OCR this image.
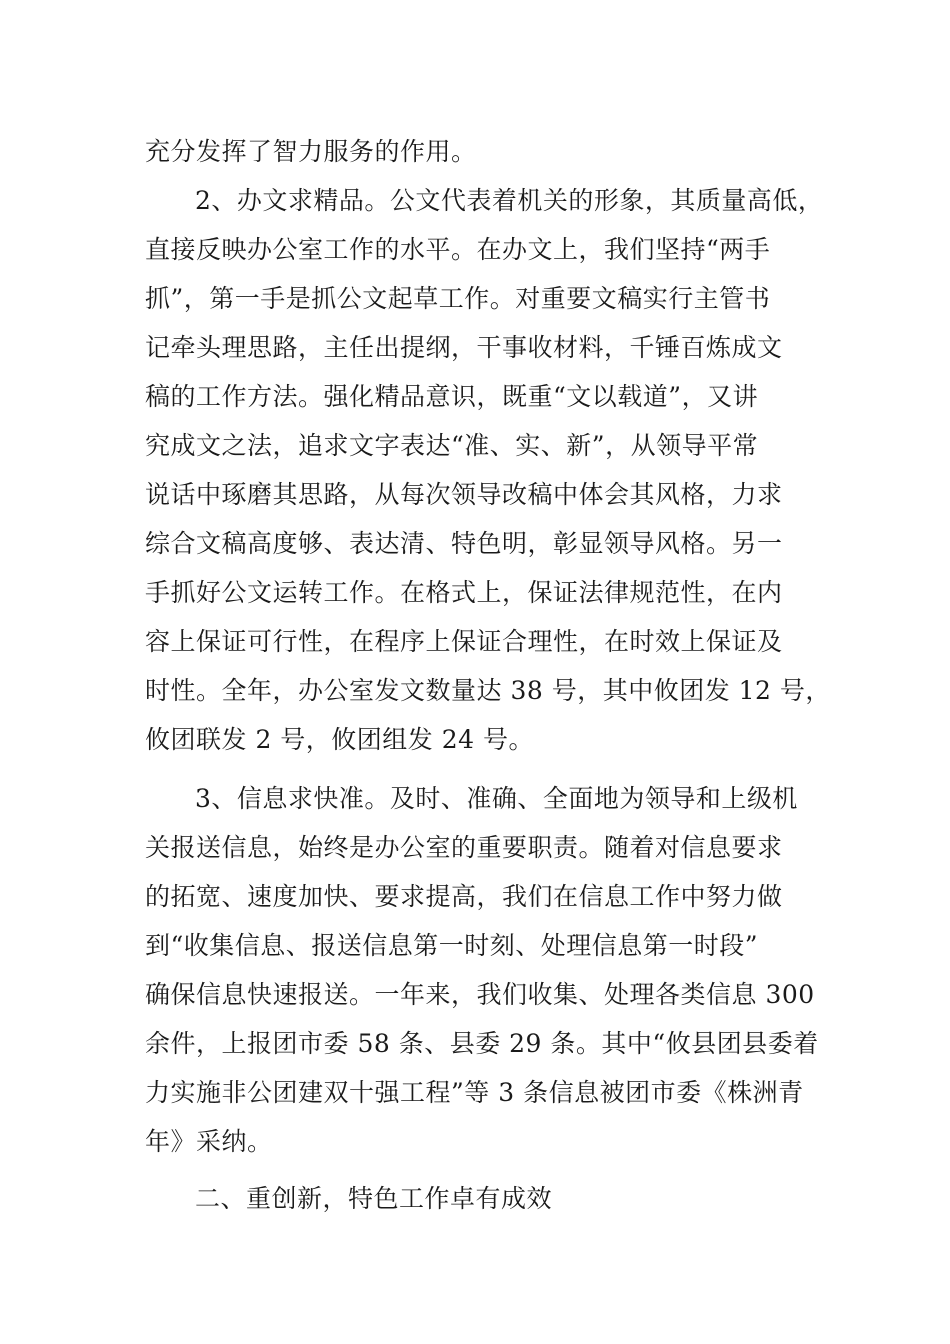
充分发挥了智力服务的作用。
2、办文求精品。公文代表着机关的形象，其质量高低，
直接反映办公室工作的水平。在办文上，我们坚持“两手
抓”，第一手是抓公文起草工作。对重要文稿实行主管书
记牵头理思路，主任出提纲，干事收材料，千锤百炼成文
稿的工作方法。强化精品意识，既重“文以载道”，又讲
究成文之法，追求文字表达“准、实、新”，从领导平常
说话中琢磨其思路，从每次领导改稿中体会其风格，力求
综合文稿高度够、表达清、特色明，彰显领导风格。另一
手抓好公文运转工作。在格式上，保证法律规范性，在内
容上保证可行性，在程序上保证合理性，在时效上保证及
时性。全年，办公室发文数量达 38 号，其中攸团发 12 号，
攸团联发 2 号，攸团组发 24 号。
3、信息求快准。及时、准确、全面地为领导和上级机
关报送信息，始终是办公室的重要职责。随着对信息要求
的拓宽、速度加快、要求提高，我们在信息工作中努力做
到“收集信息、报送信息第一时刻、处理信息第一时段”
确保信息快速报送。一年来，我们收集、处理各类信息 300
余件，上报团市委 58 条、县委 29 条。其中“攸县团县委着
力实施非公团建双十强工程”等 3 条信息被团市委《株洲青
年》采纳。
二、重创新，特色工作卓有成效
